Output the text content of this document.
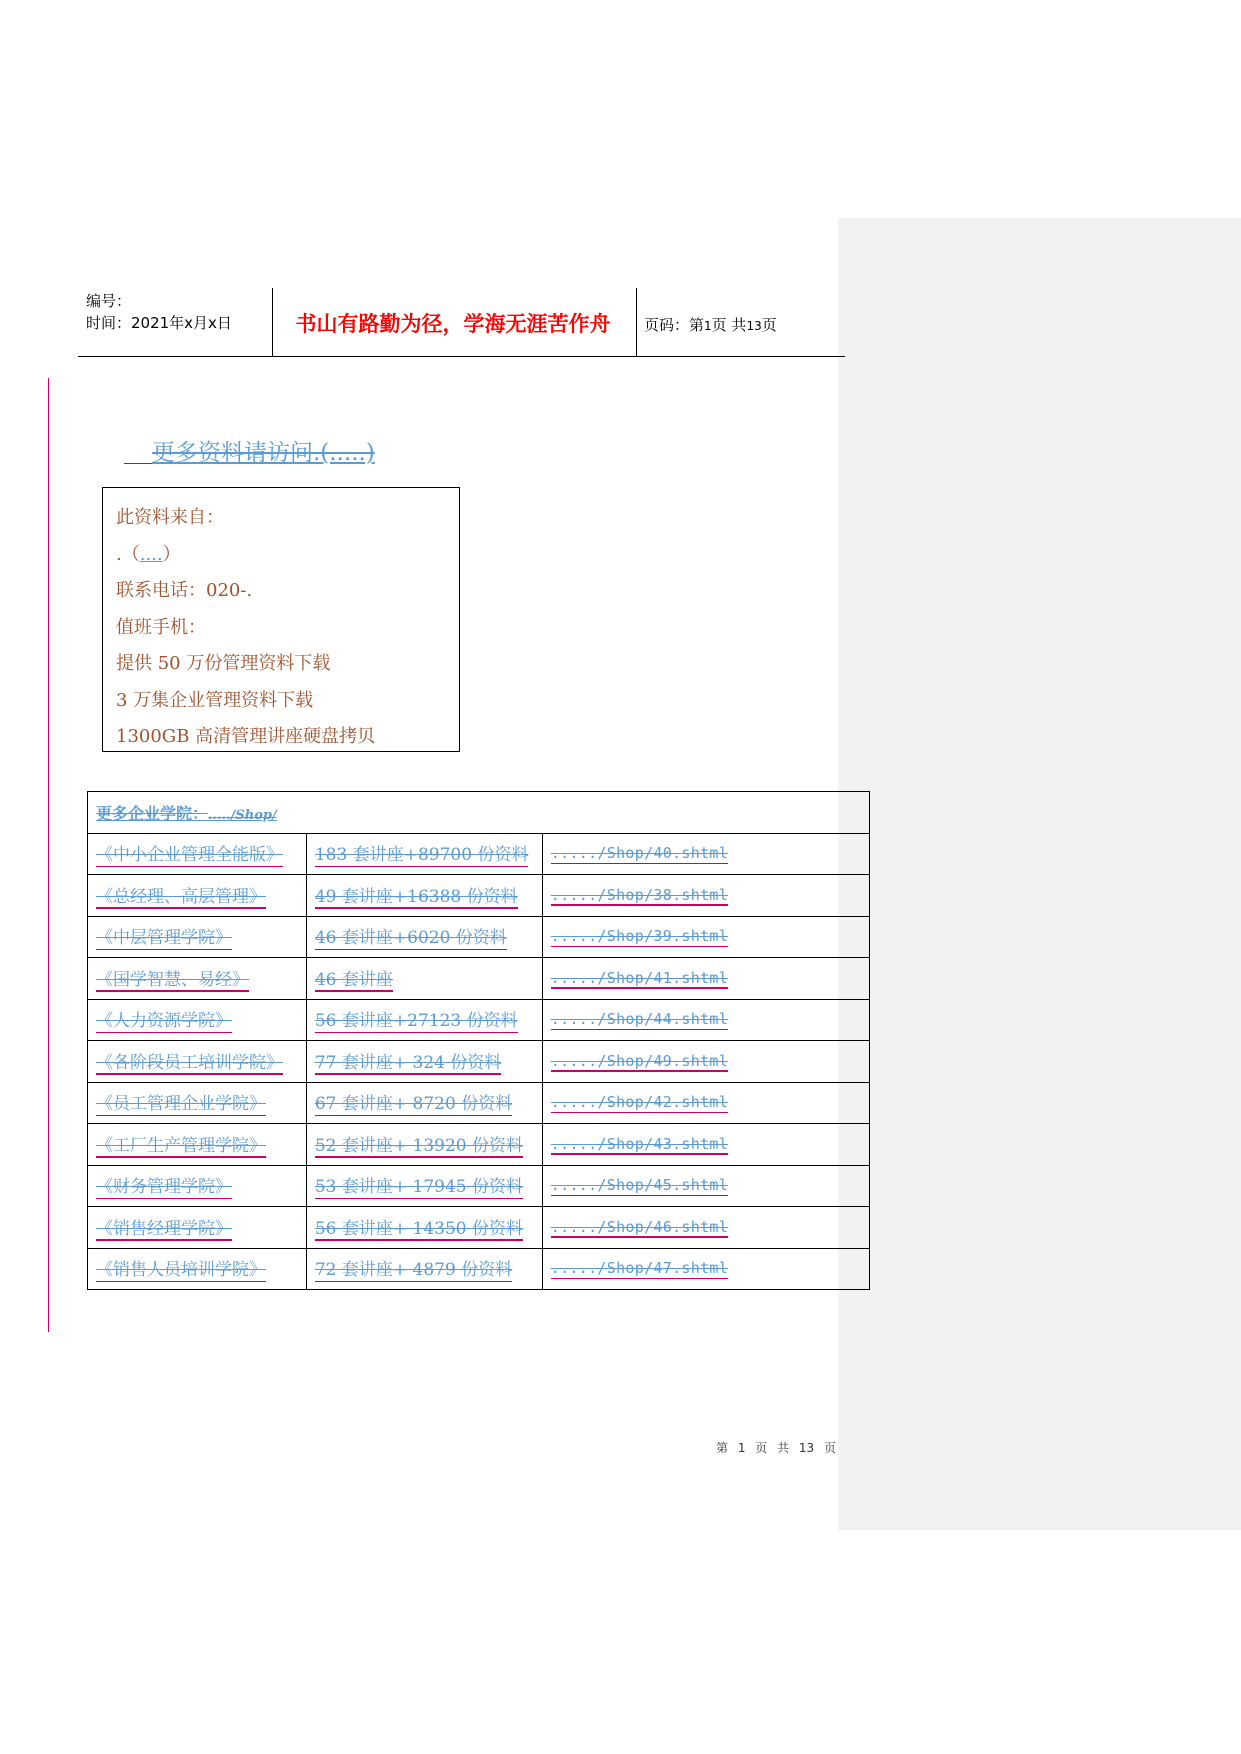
编号：
时间：2021年x月x日	书山有路勤为径，学海无涯苦作舟	页码：第1页 共13页
更多资料请访问.(.....)
此资料来自：
.（....）
联系电话：020-.
值班手机：
提供 50 万份管理资料下载
3 万集企业管理资料下载
1300GB 高清管理讲座硬盘拷贝
更多企业学院：...../Shop/		
《中小企业管理全能版》	183 套讲座+89700 份资料	...../Shop/40.shtml
《总经理、高层管理》	49 套讲座+16388 份资料	...../Shop/38.shtml
《中层管理学院》	46 套讲座+6020 份资料	...../Shop/39.shtml
《国学智慧、易经》	46 套讲座	...../Shop/41.shtml
《人力资源学院》	56 套讲座+27123 份资料	...../Shop/44.shtml
《各阶段员工培训学院》	77 套讲座+ 324 份资料	...../Shop/49.shtml
《员工管理企业学院》	67 套讲座+ 8720 份资料	...../Shop/42.shtml
《工厂生产管理学院》	52 套讲座+ 13920 份资料	...../Shop/43.shtml
《财务管理学院》	53 套讲座+ 17945 份资料	...../Shop/45.shtml
《销售经理学院》	56 套讲座+ 14350 份资料	...../Shop/46.shtml
《销售人员培训学院》	72 套讲座+ 4879 份资料	...../Shop/47.shtml
第 1 页 共 13 页
